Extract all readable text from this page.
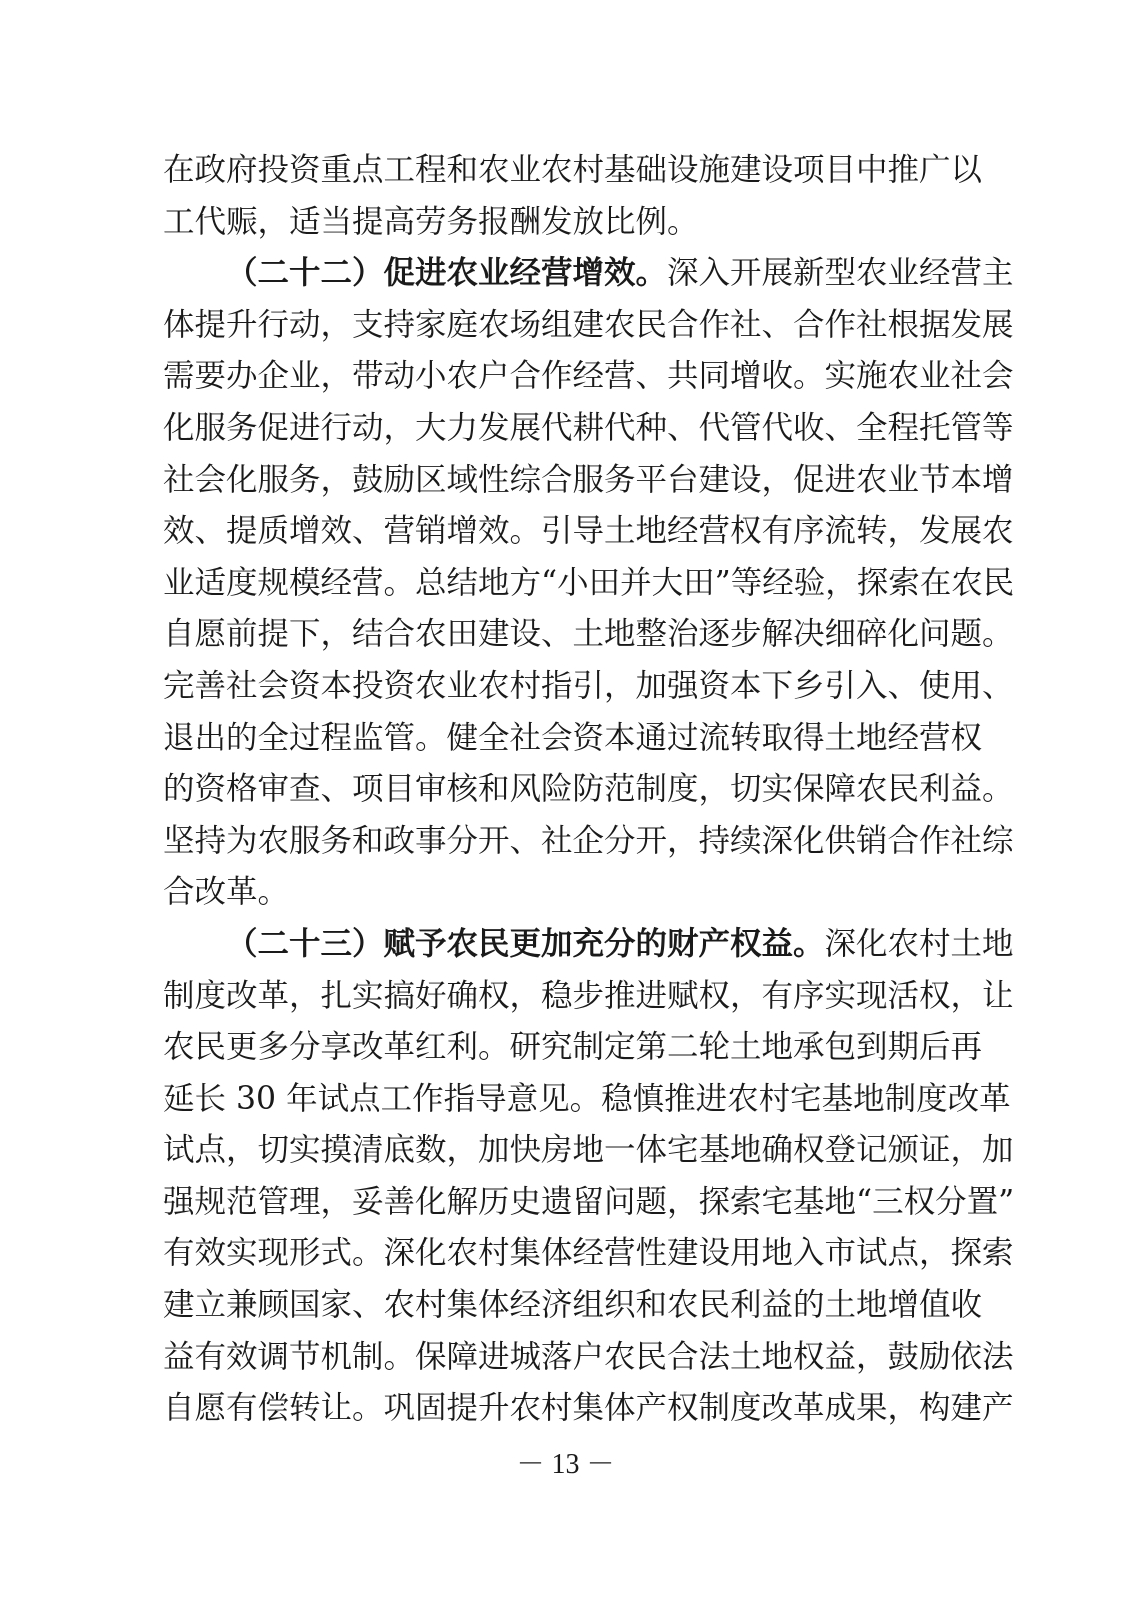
在政府投资重点工程和农业农村基础设施建设项目中推广以
工代赈，适当提高劳务报酬发放比例。
（二十二）促进农业经营增效。深入开展新型农业经营主
体提升行动，支持家庭农场组建农民合作社、合作社根据发展
需要办企业，带动小农户合作经营、共同增收。实施农业社会
化服务促进行动，大力发展代耕代种、代管代收、全程托管等
社会化服务，鼓励区域性综合服务平台建设，促进农业节本增
效、提质增效、营销增效。引导土地经营权有序流转，发展农
业适度规模经营。总结地方“小田并大田”等经验，探索在农民
自愿前提下，结合农田建设、土地整治逐步解决细碎化问题。
完善社会资本投资农业农村指引，加强资本下乡引入、使用、
退出的全过程监管。健全社会资本通过流转取得土地经营权
的资格审查、项目审核和风险防范制度，切实保障农民利益。
坚持为农服务和政事分开、社企分开，持续深化供销合作社综
合改革。
（二十三）赋予农民更加充分的财产权益。深化农村土地
制度改革，扎实搞好确权，稳步推进赋权，有序实现活权，让
农民更多分享改革红利。研究制定第二轮土地承包到期后再
延长 30 年试点工作指导意见。稳慎推进农村宅基地制度改革
试点，切实摸清底数，加快房地一体宅基地确权登记颁证，加
强规范管理，妥善化解历史遗留问题，探索宅基地“三权分置”
有效实现形式。深化农村集体经营性建设用地入市试点，探索
建立兼顾国家、农村集体经济组织和农民利益的土地增值收
益有效调节机制。保障进城落户农民合法土地权益，鼓励依法
自愿有偿转让。巩固提升农村集体产权制度改革成果，构建产
－ 13 －
